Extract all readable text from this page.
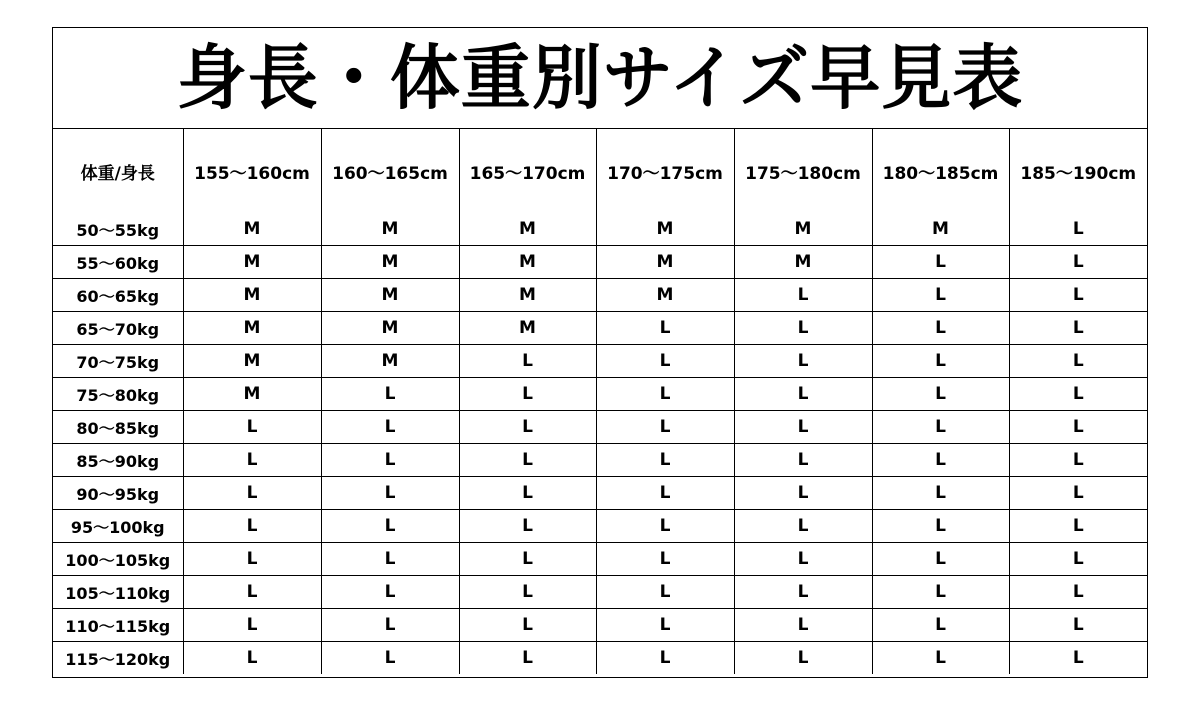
身長・体重別サイズ早見表
体重/身長	155〜160cm	160〜165cm	165〜170cm	170〜175cm	175〜180cm	180〜185cm	185〜190cm
50〜55kg	M	M	M	M	M	M	L
55〜60kg	M	M	M	M	M	L	L
60〜65kg	M	M	M	M	L	L	L
65〜70kg	M	M	M	L	L	L	L
70〜75kg	M	M	L	L	L	L	L
75〜80kg	M	L	L	L	L	L	L
80〜85kg	L	L	L	L	L	L	L
85〜90kg	L	L	L	L	L	L	L
90〜95kg	L	L	L	L	L	L	L
95〜100kg	L	L	L	L	L	L	L
100〜105kg	L	L	L	L	L	L	L
105〜110kg	L	L	L	L	L	L	L
110〜115kg	L	L	L	L	L	L	L
115〜120kg	L	L	L	L	L	L	L
